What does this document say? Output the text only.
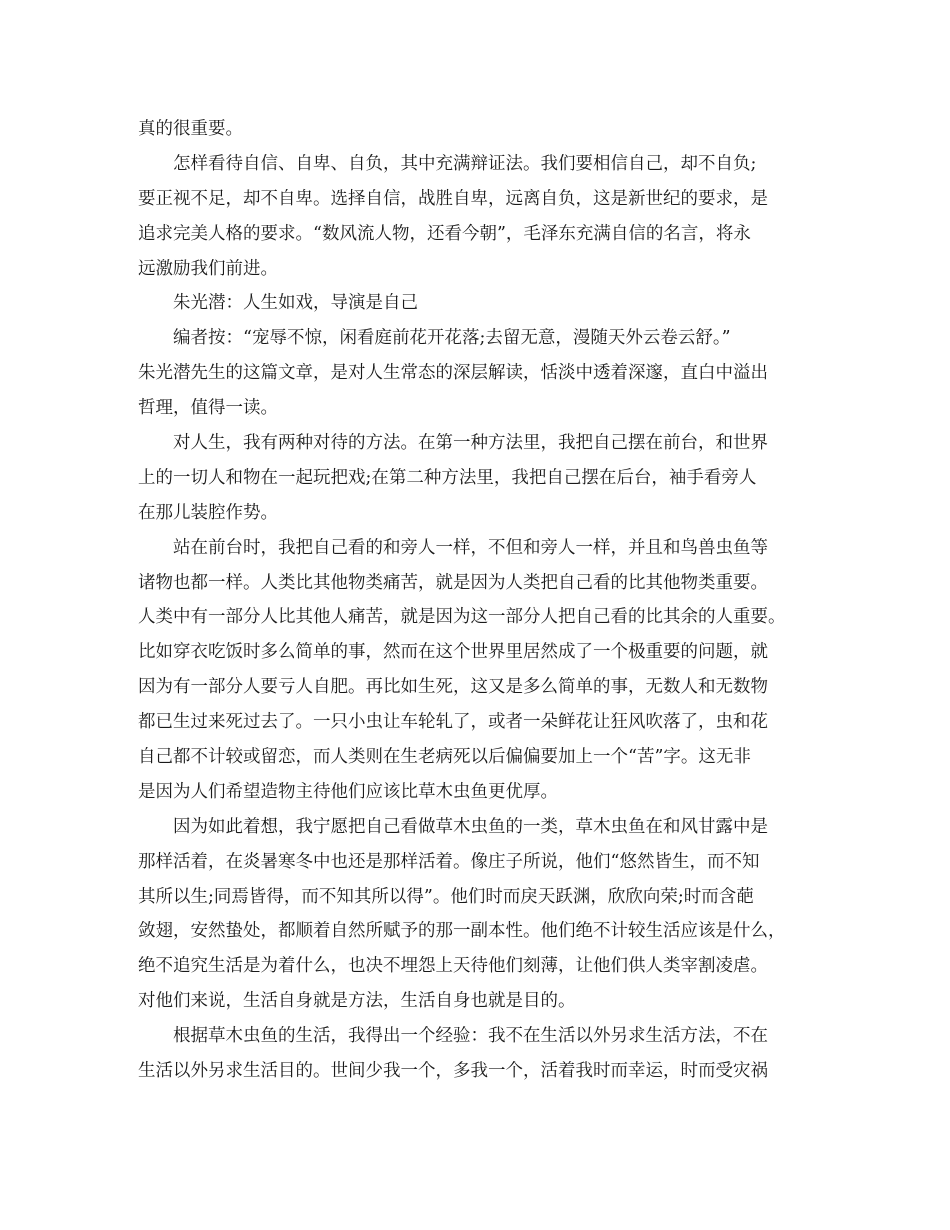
真的很重要。
怎样看待自信、自卑、自负，其中充满辩证法。我们要相信自己，却不自负;
要正视不足，却不自卑。选择自信，战胜自卑，远离自负，这是新世纪的要求，是
追求完美人格的要求。“数风流人物，还看今朝”，毛泽东充满自信的名言，将永
远激励我们前进。
朱光潜：人生如戏，导演是自己
编者按：“宠辱不惊，闲看庭前花开花落;去留无意，漫随天外云卷云舒。”
朱光潜先生的这篇文章，是对人生常态的深层解读，恬淡中透着深邃，直白中溢出
哲理，值得一读。
对人生，我有两种对待的方法。在第一种方法里，我把自己摆在前台，和世界
上的一切人和物在一起玩把戏;在第二种方法里，我把自己摆在后台，袖手看旁人
在那儿装腔作势。
站在前台时，我把自己看的和旁人一样，不但和旁人一样，并且和鸟兽虫鱼等
诸物也都一样。人类比其他物类痛苦，就是因为人类把自己看的比其他物类重要。
人类中有一部分人比其他人痛苦，就是因为这一部分人把自己看的比其余的人重要。
比如穿衣吃饭时多么简单的事，然而在这个世界里居然成了一个极重要的问题，就
因为有一部分人要亏人自肥。再比如生死，这又是多么简单的事，无数人和无数物
都已生过来死过去了。一只小虫让车轮轧了，或者一朵鲜花让狂风吹落了，虫和花
自己都不计较或留恋，而人类则在生老病死以后偏偏要加上一个“苦”字。这无非
是因为人们希望造物主待他们应该比草木虫鱼更优厚。
因为如此着想，我宁愿把自己看做草木虫鱼的一类，草木虫鱼在和风甘露中是
那样活着，在炎暑寒冬中也还是那样活着。像庄子所说，他们“悠然皆生，而不知
其所以生;同焉皆得，而不知其所以得”。他们时而戾天跃渊，欣欣向荣;时而含葩
敛翅，安然蛰处，都顺着自然所赋予的那一副本性。他们绝不计较生活应该是什么，
绝不追究生活是为着什么，也决不埋怨上天待他们刻薄，让他们供人类宰割凌虐。
对他们来说，生活自身就是方法，生活自身也就是目的。
根据草木虫鱼的生活，我得出一个经验：我不在生活以外另求生活方法，不在
生活以外另求生活目的。世间少我一个，多我一个，活着我时而幸运，时而受灾祸
